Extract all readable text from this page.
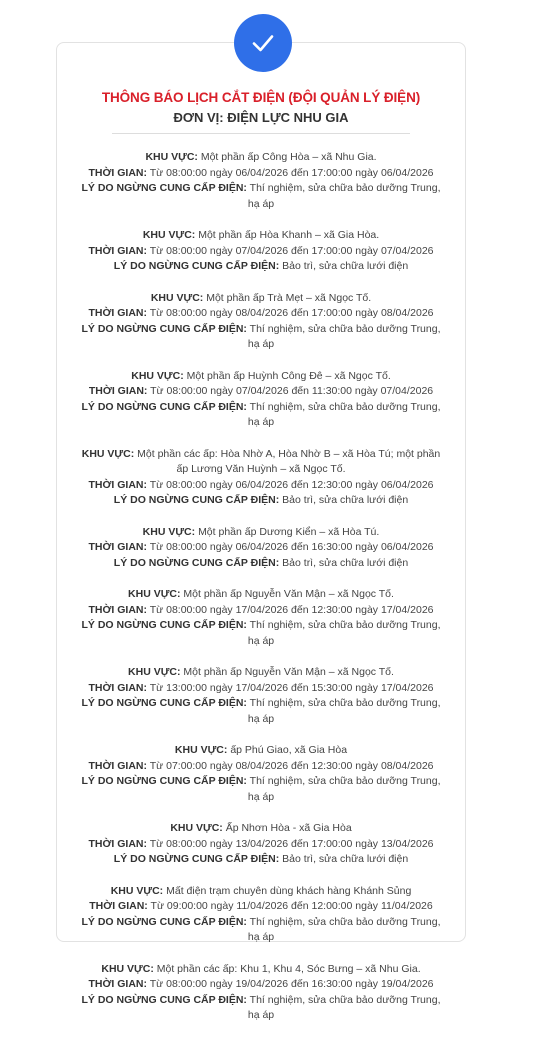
THÔNG BÁO LỊCH CẮT ĐIỆN (ĐỘI QUẢN LÝ ĐIỆN)
ĐƠN VỊ: ĐIỆN LỰC NHU GIA
KHU VỰC: Một phần ấp Công Hòa – xã Nhu Gia.
THỜI GIAN: Từ 08:00:00 ngày 06/04/2026 đến 17:00:00 ngày 06/04/2026
LÝ DO NGỪNG CUNG CẤP ĐIỆN: Thí nghiệm, sửa chữa bảo dưỡng Trung, hạ áp
KHU VỰC: Một phần ấp Hòa Khanh – xã Gia Hòa.
THỜI GIAN: Từ 08:00:00 ngày 07/04/2026 đến 17:00:00 ngày 07/04/2026
LÝ DO NGỪNG CUNG CẤP ĐIỆN: Bảo trì, sửa chữa lưới điện
KHU VỰC: Một phần ấp Trà Mẹt – xã Ngọc Tố.
THỜI GIAN: Từ 08:00:00 ngày 08/04/2026 đến 17:00:00 ngày 08/04/2026
LÝ DO NGỪNG CUNG CẤP ĐIỆN: Thí nghiệm, sửa chữa bảo dưỡng Trung, hạ áp
KHU VỰC: Một phần ấp Huỳnh Công Đê – xã Ngọc Tố.
THỜI GIAN: Từ 08:00:00 ngày 07/04/2026 đến 11:30:00 ngày 07/04/2026
LÝ DO NGỪNG CUNG CẤP ĐIỆN: Thí nghiệm, sửa chữa bảo dưỡng Trung, hạ áp
KHU VỰC: Một phần các ấp: Hòa Nhờ A, Hòa Nhờ B – xã Hòa Tú; một phần ấp Lương Văn Huỳnh – xã Ngọc Tố.
THỜI GIAN: Từ 08:00:00 ngày 06/04/2026 đến 12:30:00 ngày 06/04/2026
LÝ DO NGỪNG CUNG CẤP ĐIỆN: Bảo trì, sửa chữa lưới điện
KHU VỰC: Một phần ấp Dương Kiển – xã Hòa Tú.
THỜI GIAN: Từ 08:00:00 ngày 06/04/2026 đến 16:30:00 ngày 06/04/2026
LÝ DO NGỪNG CUNG CẤP ĐIỆN: Bảo trì, sửa chữa lưới điện
KHU VỰC: Một phần ấp Nguyễn Văn Mận – xã Ngọc Tố.
THỜI GIAN: Từ 08:00:00 ngày 17/04/2026 đến 12:30:00 ngày 17/04/2026
LÝ DO NGỪNG CUNG CẤP ĐIỆN: Thí nghiệm, sửa chữa bảo dưỡng Trung, hạ áp
KHU VỰC: Một phần ấp Nguyễn Văn Mận – xã Ngọc Tố.
THỜI GIAN: Từ 13:00:00 ngày 17/04/2026 đến 15:30:00 ngày 17/04/2026
LÝ DO NGỪNG CUNG CẤP ĐIỆN: Thí nghiệm, sửa chữa bảo dưỡng Trung, hạ áp
KHU VỰC: ấp Phú Giao, xã Gia Hòa
THỜI GIAN: Từ 07:00:00 ngày 08/04/2026 đến 12:30:00 ngày 08/04/2026
LÝ DO NGỪNG CUNG CẤP ĐIỆN: Thí nghiệm, sửa chữa bảo dưỡng Trung, hạ áp
KHU VỰC: Ấp Nhơn Hòa - xã Gia Hòa
THỜI GIAN: Từ 08:00:00 ngày 13/04/2026 đến 17:00:00 ngày 13/04/2026
LÝ DO NGỪNG CUNG CẤP ĐIỆN: Bảo trì, sửa chữa lưới điện
KHU VỰC: Mất điện trạm chuyên dùng khách hàng Khánh Sủng
THỜI GIAN: Từ 09:00:00 ngày 11/04/2026 đến 12:00:00 ngày 11/04/2026
LÝ DO NGỪNG CUNG CẤP ĐIỆN: Thí nghiệm, sửa chữa bảo dưỡng Trung, hạ áp
KHU VỰC: Một phần các ấp: Khu 1, Khu 4, Sóc Bưng – xã Nhu Gia.
THỜI GIAN: Từ 08:00:00 ngày 19/04/2026 đến 16:30:00 ngày 19/04/2026
LÝ DO NGỪNG CUNG CẤP ĐIỆN: Thí nghiệm, sửa chữa bảo dưỡng Trung, hạ áp
